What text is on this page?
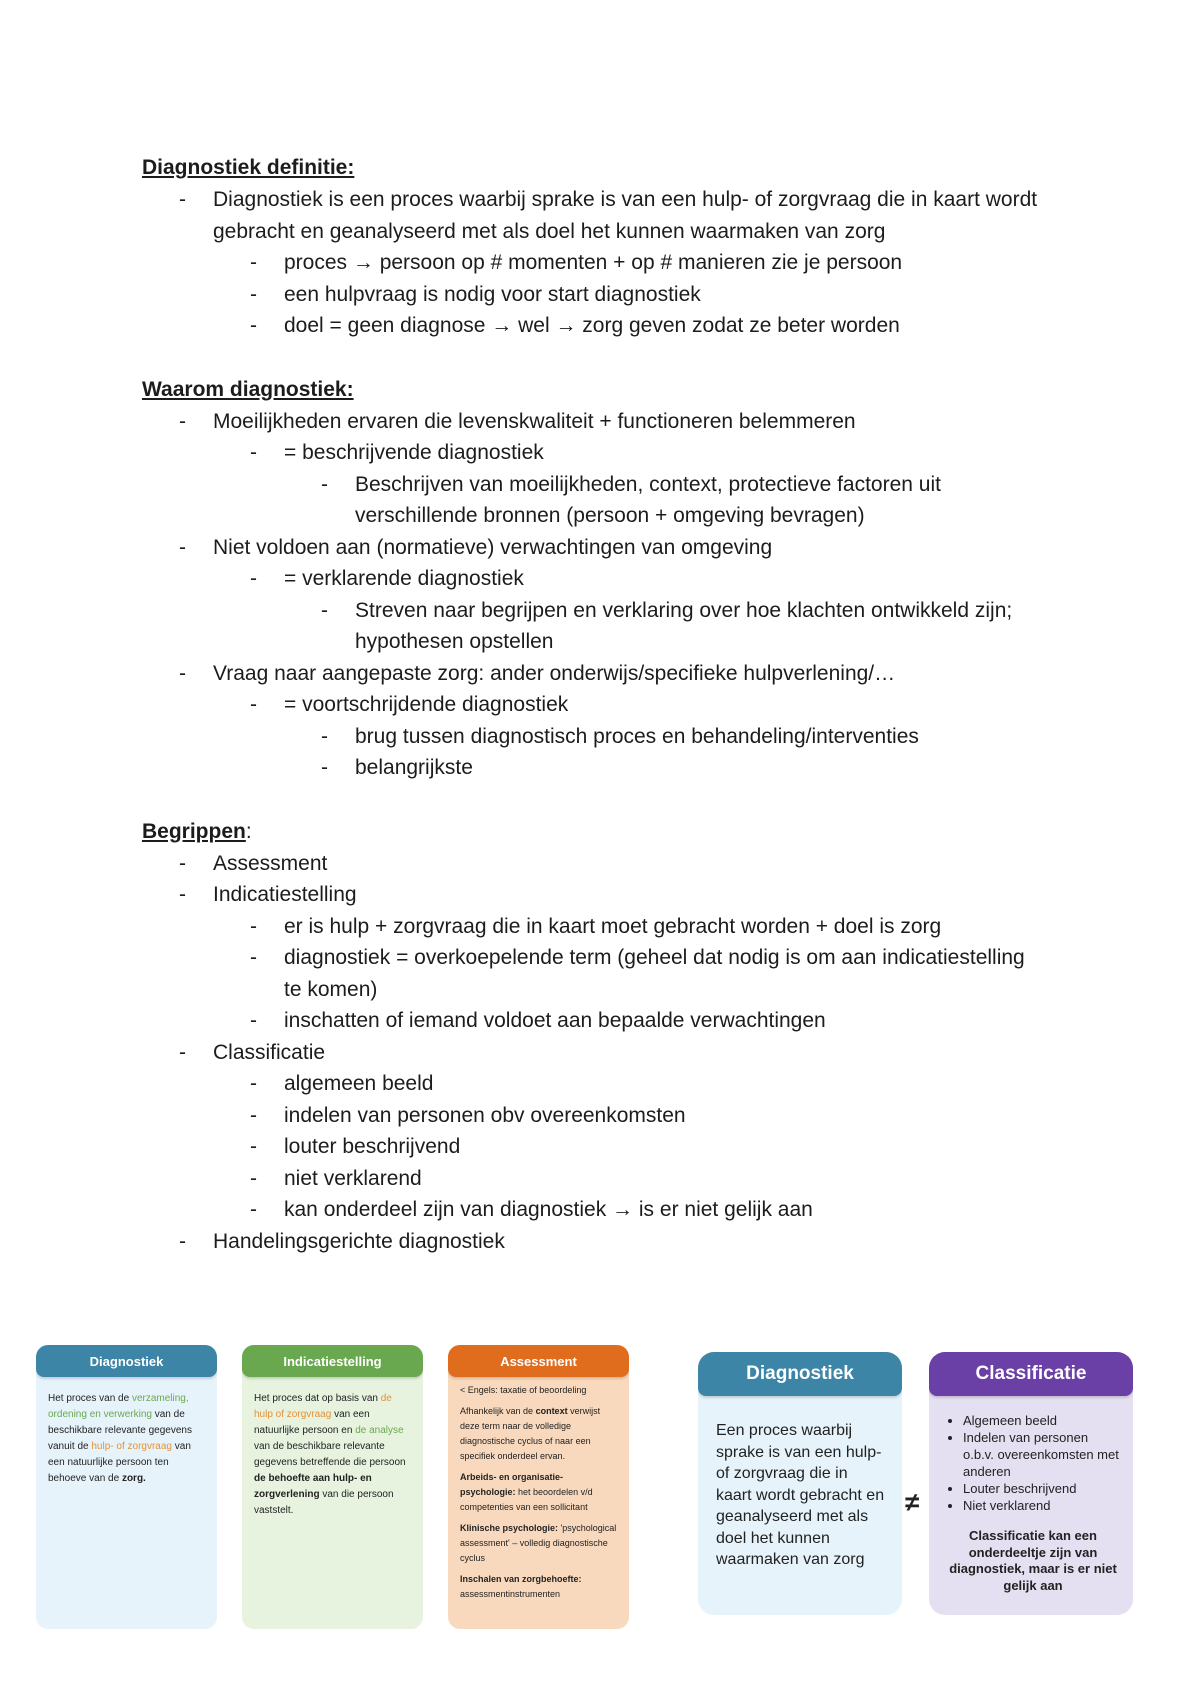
Diagnostiek definitie:
- Diagnostiek is een proces waarbij sprake is van een hulp- of zorgvraag die in kaart wordt
gebracht en geanalyseerd met als doel het kunnen waarmaken van zorg
- proces → persoon op # momenten + op # manieren zie je persoon
- een hulpvraag is nodig voor start diagnostiek
- doel = geen diagnose → wel → zorg geven zodat ze beter worden
Waarom diagnostiek:
- Moeilijkheden ervaren die levenskwaliteit + functioneren belemmeren
- = beschrijvende diagnostiek
- Beschrijven van moeilijkheden, context, protectieve factoren uit
verschillende bronnen (persoon + omgeving bevragen)
- Niet voldoen aan (normatieve) verwachtingen van omgeving
- = verklarende diagnostiek
- Streven naar begrijpen en verklaring over hoe klachten ontwikkeld zijn;
hypothesen opstellen
- Vraag naar aangepaste zorg: ander onderwijs/specifieke hulpverlening/…
- = voortschrijdende diagnostiek
- brug tussen diagnostisch proces en behandeling/interventies
- belangrijkste
Begrippen:
- Assessment
- Indicatiestelling
- er is hulp + zorgvraag die in kaart moet gebracht worden + doel is zorg
- diagnostiek = overkoepelende term (geheel dat nodig is om aan indicatiestelling
te komen)
- inschatten of iemand voldoet aan bepaalde verwachtingen
- Classificatie
- algemeen beeld
- indelen van personen obv overeenkomsten
- louter beschrijvend
- niet verklarend
- kan onderdeel zijn van diagnostiek → is er niet gelijk aan
- Handelingsgerichte diagnostiek
Diagnostiek
Het proces van de verzameling, ordening en verwerking van de beschikbare relevante gegevens vanuit de hulp- of zorgvraag van een natuurlijke persoon ten behoeve van de zorg.
Indicatiestelling
Het proces dat op basis van de hulp of zorgvraag van een natuurlijke persoon en de analyse van de beschikbare relevante gegevens betreffende die persoon de behoefte aan hulp- en zorgverlening van die persoon vaststelt.
Assessment
< Engels: taxatie of beoordeling
Afhankelijk van de context verwijst deze term naar de volledige diagnostische cyclus of naar een specifiek onderdeel ervan.
Arbeids- en organisatie-psychologie: het beoordelen v/d competenties van een sollicitant
Klinische psychologie: 'psychological assessment' – volledig diagnostische cyclus
Inschalen van zorgbehoefte: assessmentinstrumenten
Diagnostiek
Een proces waarbij sprake is van een hulp- of zorgvraag die in kaart wordt gebracht en geanalyseerd met als doel het kunnen waarmaken van zorg
≠
Classificatie
• Algemeen beeld
• Indelen van personen o.b.v. overeenkomsten met anderen
• Louter beschrijvend
• Niet verklarend
Classificatie kan een onderdeeltje zijn van diagnostiek, maar is er niet gelijk aan
